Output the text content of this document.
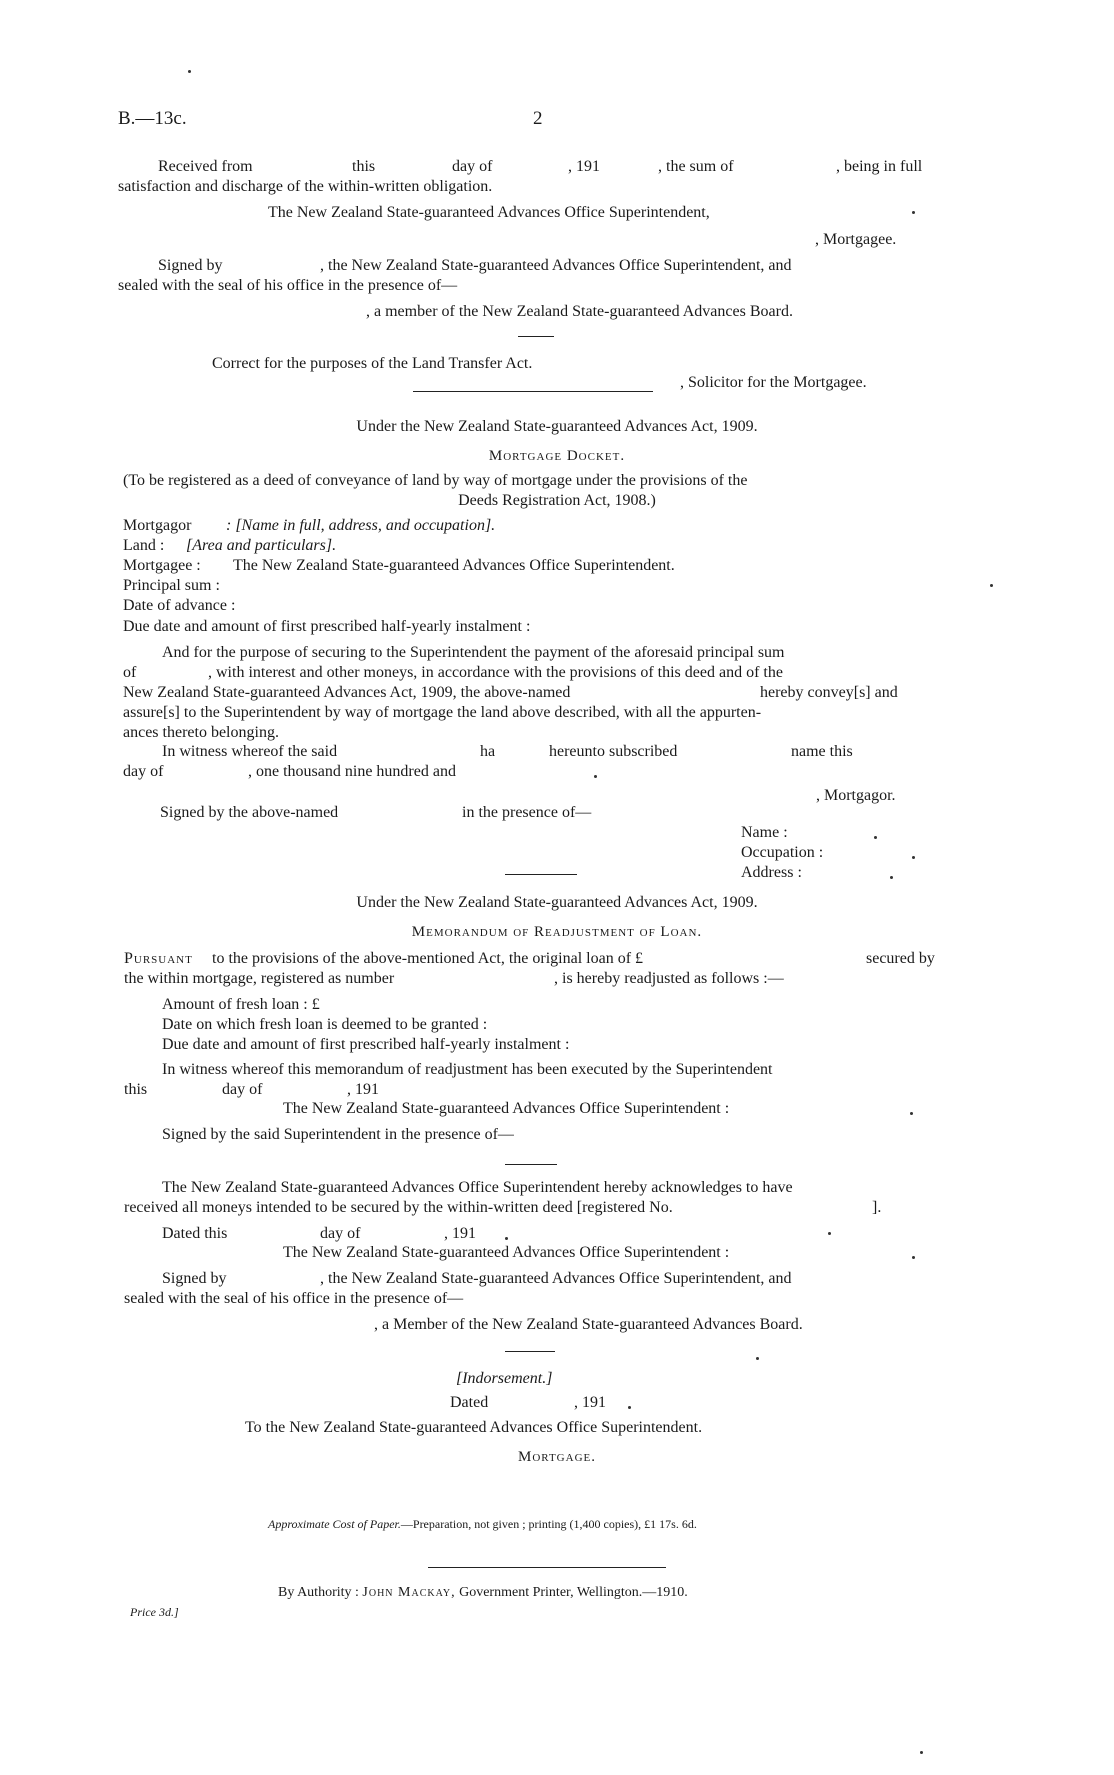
B.—13c.	2
Received from	this	day of	, 191	, the sum of	, being in full
satisfaction and discharge of the within-written obligation.
The New Zealand State-guaranteed Advances Office Superintendent,
, Mortgagee.
Signed by	, the New Zealand State-guaranteed Advances Office Superintendent, and
sealed with the seal of his office in the presence of—
, a member of the New Zealand State-guaranteed Advances Board.
Correct for the purposes of the Land Transfer Act.
, Solicitor for the Mortgagee.
Under the New Zealand State-guaranteed Advances Act, 1909.
Mortgage Docket.
(To be registered as a deed of conveyance of land by way of mortgage under the provisions of the
Deeds Registration Act, 1908.)
Mortgagor : [Name in full, address, and occupation].
Land : [Area and particulars].
Mortgagee : The New Zealand State-guaranteed Advances Office Superintendent.
Principal sum :
Date of advance :
Due date and amount of first prescribed half-yearly instalment :
And for the purpose of securing to the Superintendent the payment of the aforesaid principal sum
of	, with interest and other moneys, in accordance with the provisions of this deed and of the
New Zealand State-guaranteed Advances Act, 1909, the above-named	hereby convey[s] and
assure[s] to the Superintendent by way of mortgage the land above described, with all the appurten-
ances thereto belonging.
In witness whereof the said	ha	hereunto subscribed	name this
day of	, one thousand nine hundred and
, Mortgagor.
Signed by the above-named	in the presence of—
Name :
Occupation :
Address :
Under the New Zealand State-guaranteed Advances Act, 1909.
Memorandum of Readjustment of Loan.
Pursuant to the provisions of the above-mentioned Act, the original loan of £	secured by
the within mortgage, registered as number	, is hereby readjusted as follows :—
Amount of fresh loan : £
Date on which fresh loan is deemed to be granted :
Due date and amount of first prescribed half-yearly instalment :
In witness whereof this memorandum of readjustment has been executed by the Superintendent
this	day of	, 191
The New Zealand State-guaranteed Advances Office Superintendent :
Signed by the said Superintendent in the presence of—
The New Zealand State-guaranteed Advances Office Superintendent hereby acknowledges to have
received all moneys intended to be secured by the within-written deed [registered No.	].
Dated this	day of	, 191
The New Zealand State-guaranteed Advances Office Superintendent :
Signed by	, the New Zealand State-guaranteed Advances Office Superintendent, and
sealed with the seal of his office in the presence of—
, a Member of the New Zealand State-guaranteed Advances Board.
[Indorsement.]
Dated	, 191
To the New Zealand State-guaranteed Advances Office Superintendent.
Mortgage.
Approximate Cost of Paper.—Preparation, not given ; printing (1,400 copies), £1 17s. 6d.
By Authority : John Mackay, Government Printer, Wellington.—1910.
Price 3d.]
